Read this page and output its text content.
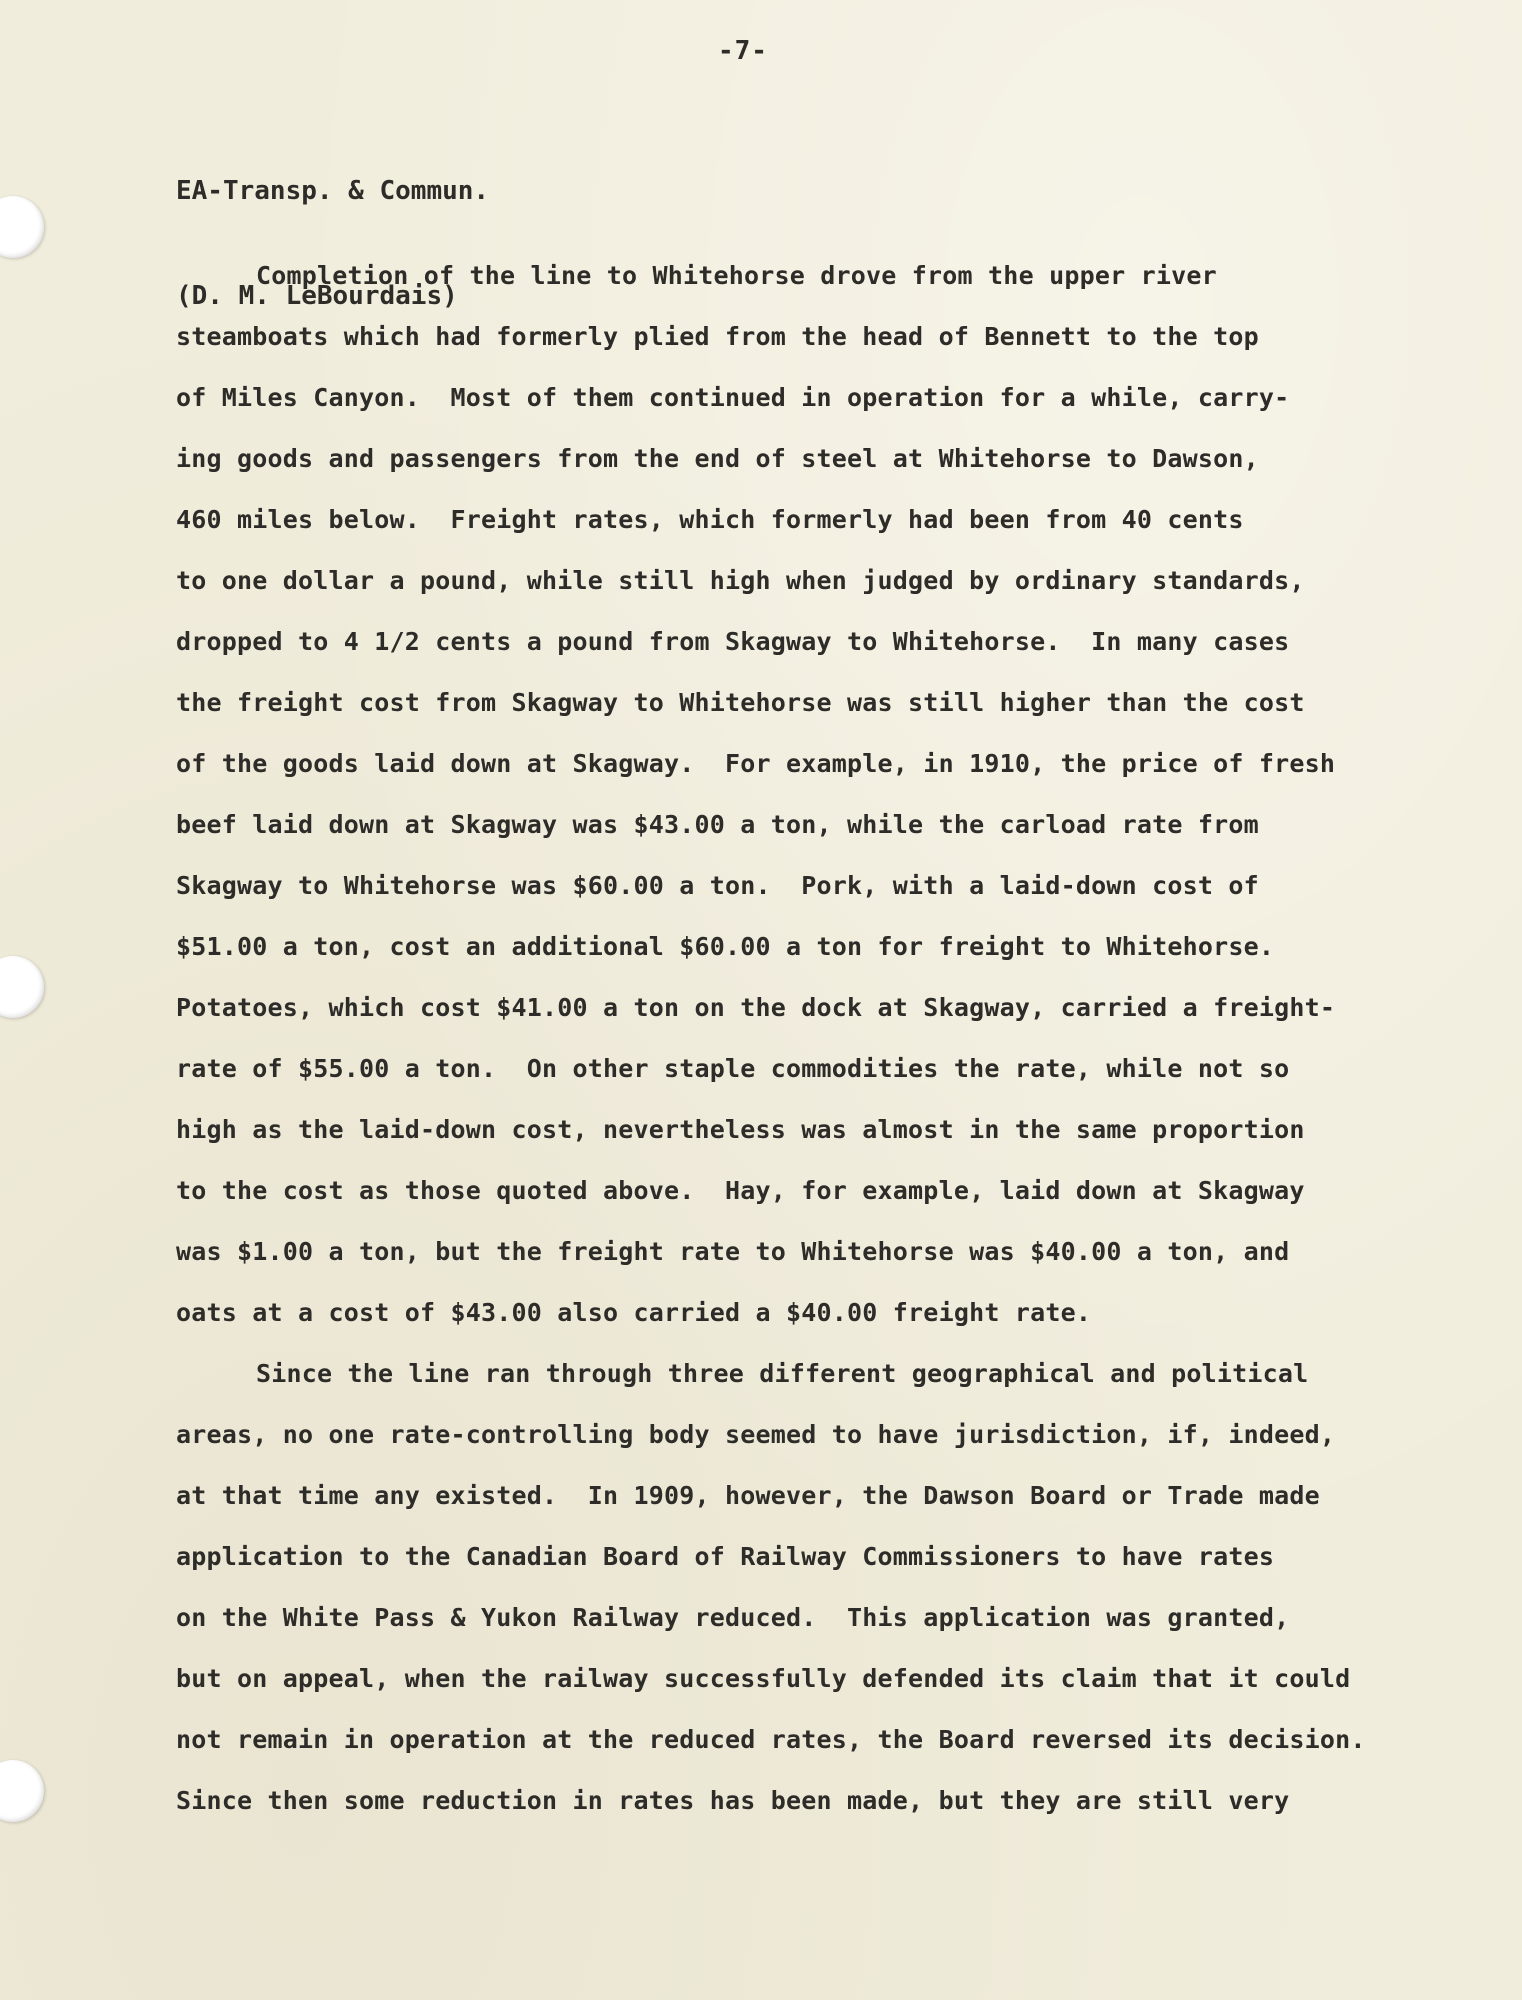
-7-

EA-Transp. & Commun.

(D. M. LeBourdais)

Completion of the line to Whitehorse drove from the upper river
steamboats which had formerly plied from the head of Bennett to the top
of Miles Canyon.  Most of them continued in operation for a while, carry-
ing goods and passengers from the end of steel at Whitehorse to Dawson,
460 miles below.  Freight rates, which formerly had been from 40 cents
to one dollar a pound, while still high when judged by ordinary standards,
dropped to 4 1/2 cents a pound from Skagway to Whitehorse.  In many cases
the freight cost from Skagway to Whitehorse was still higher than the cost
of the goods laid down at Skagway.  For example, in 1910, the price of fresh
beef laid down at Skagway was $43.00 a ton, while the carload rate from
Skagway to Whitehorse was $60.00 a ton.  Pork, with a laid-down cost of
$51.00 a ton, cost an additional $60.00 a ton for freight to Whitehorse.
Potatoes, which cost $41.00 a ton on the dock at Skagway, carried a freight-
rate of $55.00 a ton.  On other staple commodities the rate, while not so
high as the laid-down cost, nevertheless was almost in the same proportion
to the cost as those quoted above.  Hay, for example, laid down at Skagway
was $1.00 a ton, but the freight rate to Whitehorse was $40.00 a ton, and
oats at a cost of $43.00 also carried a $40.00 freight rate.
Since the line ran through three different geographical and political
areas, no one rate-controlling body seemed to have jurisdiction, if, indeed,
at that time any existed.  In 1909, however, the Dawson Board or Trade made
application to the Canadian Board of Railway Commissioners to have rates
on the White Pass & Yukon Railway reduced.  This application was granted,
but on appeal, when the railway successfully defended its claim that it could
not remain in operation at the reduced rates, the Board reversed its decision.
Since then some reduction in rates has been made, but they are still very
